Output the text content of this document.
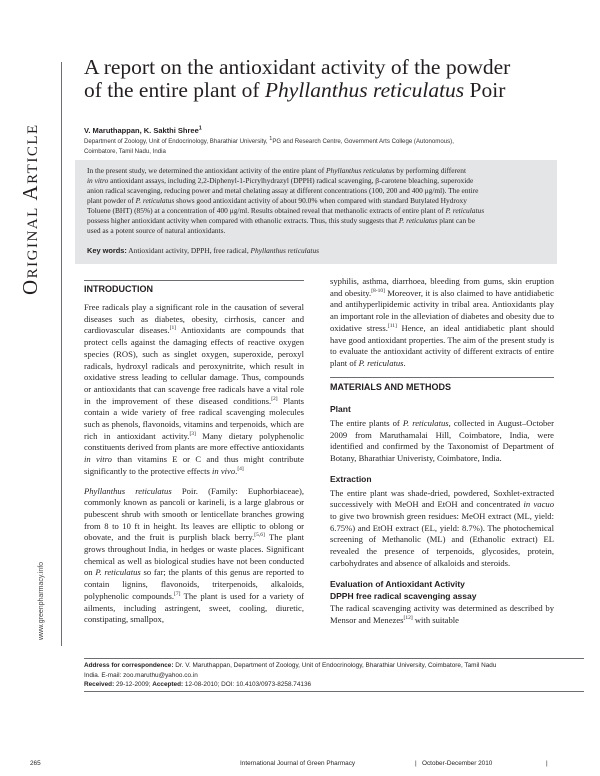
Original Article
www.greenpharmacy.info
A report on the antioxidant activity of the powder
of the entire plant of Phyllanthus reticulatus Poir
V. Maruthappan, K. Sakthi Shree$^1$
Department of Zoology, Unit of Endocrinology, Bharathiar University, $^1$PG and Research Centre, Government Arts College (Autonomous),
Coimbatore, Tamil Nadu, India
In the present study, we determined the antioxidant activity of the entire plant of Phyllanthus reticulatus by performing different
in vitro antioxidant assays, including 2,2-Diphenyl-1-Picrylhydrazyl (DPPH) radical scavenging, β-carotene bleaching, superoxide
anion radical scavenging, reducing power and metal chelating assay at different concentrations (100, 200 and 400 μg/ml). The entire
plant powder of P. reticulatus shows good antioxidant activity of about 90.0% when compared with standard Butylated Hydroxy
Toluene (BHT) (85%) at a concentration of 400 μg/ml. Results obtained reveal that methanolic extracts of entire plant of P. reticulatus
possess higher antioxidant activity when compared with ethanolic extracts. Thus, this study suggests that P. reticulatus plant can be
used as a potent source of natural antioxidants.
Key words: Antioxidant activity, DPPH, free radical, Phyllanthus reticulatus
INTRODUCTION

Free radicals play a significant role in the causation of several diseases such as diabetes, obesity, cirrhosis, cancer and cardiovascular diseases.[1] Antioxidants are compounds that protect cells against the damaging effects of reactive oxygen species (ROS), such as singlet oxygen, superoxide, peroxyl radicals, hydroxyl radicals and peroxynitrite, which result in oxidative stress leading to cellular damage. Thus, compounds or antioxidants that can scavenge free radicals have a vital role in the improvement of these diseased conditions.[2] Plants contain a wide variety of free radical scavenging molecules such as phenols, flavonoids, vitamins and terpenoids, which are rich in antioxidant activity.[3] Many dietary polyphenolic constituents derived from plants are more effective antioxidants in vitro than vitamins E or C and thus might contribute significantly to the protective effects in vivo.[4]

Phyllanthus reticulatus Poir. (Family: Euphorbiaceae), commonly known as pancoli or karineli, is a large glabrous or pubescent shrub with smooth or lenticellate branches growing from 8 to 10 ft in height. Its leaves are elliptic to oblong or obovate, and the fruit is purplish black berry.[5,6] The plant grows throughout India, in hedges or waste places. Significant chemical as well as biological studies have not been conducted on P. reticulatus so far; the plants of this genus are reported to contain lignins, flavonoids, triterpenoids, alkaloids, polyphenolic compounds.[7] The plant is used for a variety of ailments, including astringent, sweet, cooling, diuretic, constipating, smallpox,

syphilis, asthma, diarrhoea, bleeding from gums, skin eruption and obesity.[8-10] Moreover, it is also claimed to have antidiabetic and antihyperlipidemic activity in tribal area. Antioxidants play an important role in the alleviation of diabetes and obesity due to oxidative stress.[11] Hence, an ideal antidiabetic plant should have good antioxidant properties. The aim of the present study is to evaluate the antioxidant activity of different extracts of entire plant of P. reticulatus.

MATERIALS AND METHODS
Plant

The entire plants of P. reticulatus, collected in August–October 2009 from Maruthamalai Hill, Coimbatore, India, were identified and confirmed by the Taxonomist of Department of Botany, Bharathiar Univeristy, Coimbatore, India.

Extraction

The entire plant was shade-dried, powdered, Soxhlet-extracted successively with MeOH and EtOH and concentrated in vacuo to give two brownish green residues: MeOH extract (ML, yield: 6.75%) and EtOH extract (EL, yield: 8.7%). The photochemical screening of Methanolic (ML) and (Ethanolic extract) EL revealed the presence of terpenoids, glycosides, protein, carbohydrates and absence of alkaloids and steroids.

Evaluation of Antioxidant Activity
DPPH free radical scavenging assay

The radical scavenging activity was determined as described by Mensor and Menezes[12] with suitable

Address for correspondence: Dr. V. Maruthappan, Department of Zoology, Unit of Endocrinology, Bharathiar University, Coimbatore, Tamil Nadu
India. E-mail: zoo.maruthu@yahoo.co.in
Received: 29-12-2009; Accepted: 12-08-2010; DOI: 10.4103/0973-8258.74136
265	International Journal of Green Pharmacy	| October-December 2010	|
